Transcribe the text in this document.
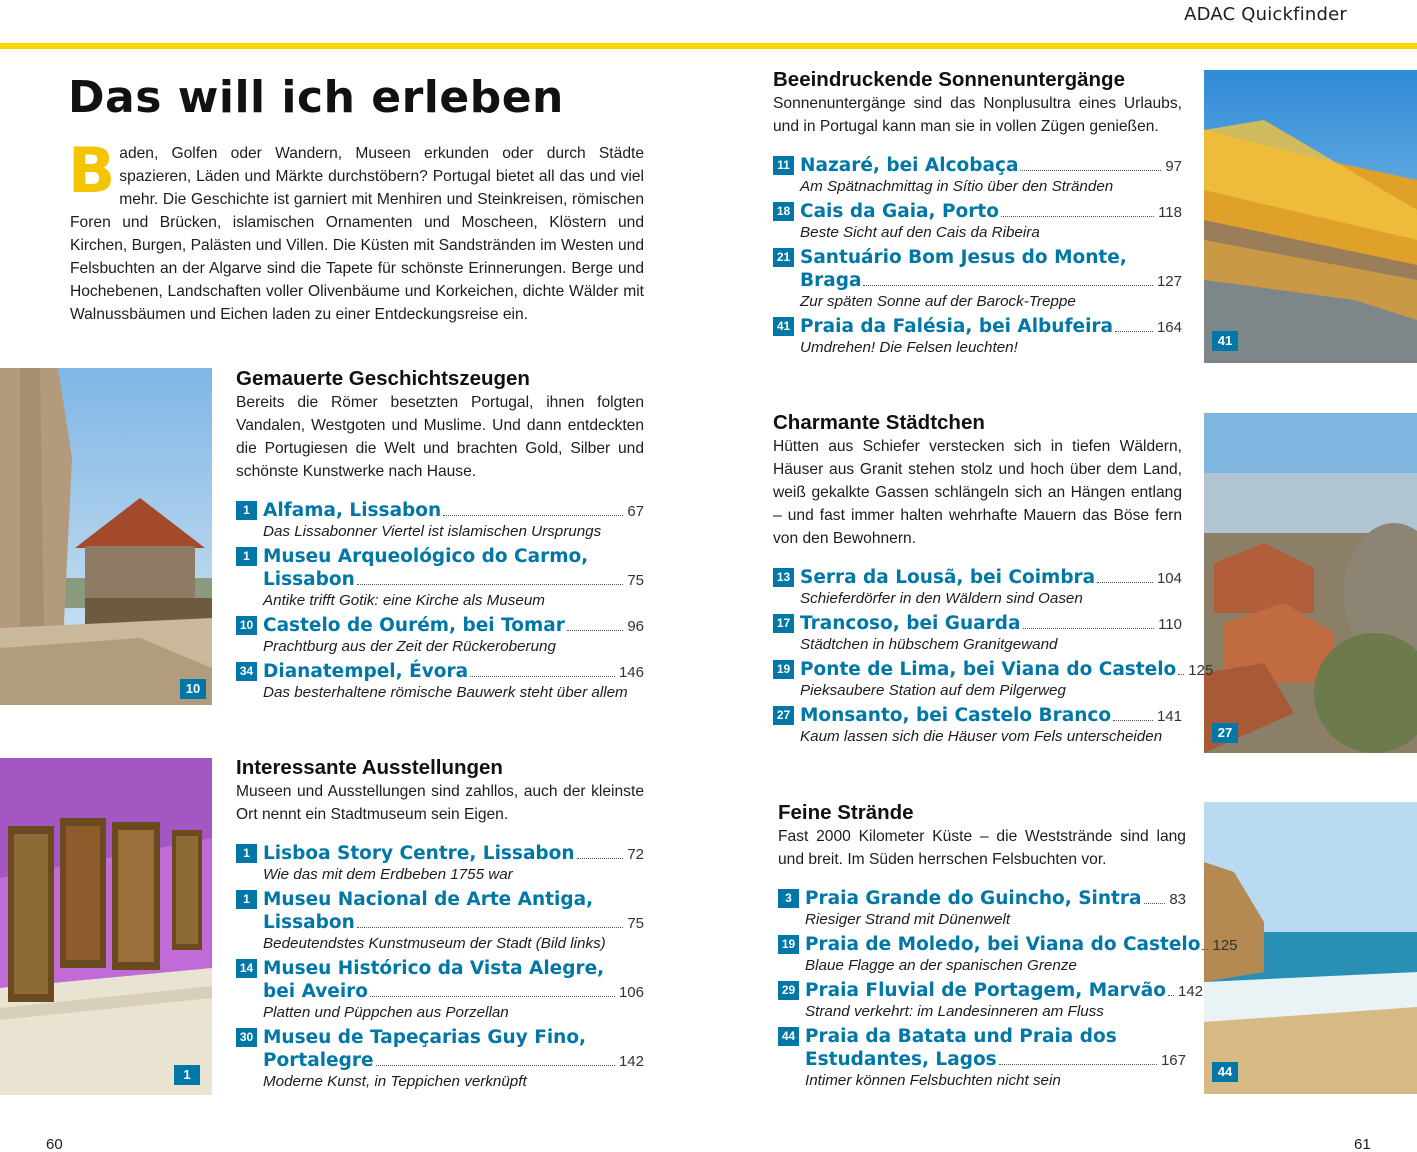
ADAC Quickfinder
Das will ich erleben
Baden, Golfen oder Wandern, Museen erkunden oder durch Städte spazieren, Läden und Märkte durchstöbern? Portugal bietet all das und viel mehr. Die Geschichte ist garniert mit Menhiren und Steinkreisen, römischen Foren und Brücken, islamischen Ornamenten und Moscheen, Klöstern und Kirchen, Burgen, Palästen und Villen. Die Küsten mit Sandstränden im Westen und Felsbuchten an der Algarve sind die Tapete für schönste Erinnerungen. Berge und Hochebenen, Landschaften voller Olivenbäume und Korkeichen, dichte Wälder mit Walnussbäumen und Eichen laden zu einer Entdeckungsreise ein.
10
1
41
27
44
Gemauerte Geschichtszeugen
Bereits die Römer besetzten Portugal, ihnen folgten Vandalen, Westgoten und Muslime. Und dann entdeckten die Portugiesen die Welt und brachten Gold, Silber und schönste Kunstwerke nach Hause.
1 Alfama, Lissabon	67
Das Lissabonner Viertel ist islamischen Ursprungs
1 Museu Arqueológico do Carmo,
Lissabon	75
Antike trifft Gotik: eine Kirche als Museum
10 Castelo de Ourém, bei Tomar	96
Prachtburg aus der Zeit der Rückeroberung
34 Dianatempel, Évora	146
Das besterhaltene römische Bauwerk steht über allem
Interessante Ausstellungen
Museen und Ausstellungen sind zahllos, auch der kleinste Ort nennt ein Stadtmuseum sein Eigen.
1 Lisboa Story Centre, Lissabon	72
Wie das mit dem Erdbeben 1755 war
1 Museu Nacional de Arte Antiga,
Lissabon	75
Bedeutendstes Kunstmuseum der Stadt (Bild links)
14 Museu Histórico da Vista Alegre,
bei Aveiro	106
Platten und Püppchen aus Porzellan
30 Museu de Tapeçarias Guy Fino,
Portalegre	142
Moderne Kunst, in Teppichen verknüpft
Beeindruckende Sonnenuntergänge
Sonnenuntergänge sind das Nonplusultra eines Urlaubs, und in Portugal kann man sie in vollen Zügen genießen.
11 Nazaré, bei Alcobaça	97
Am Spätnachmittag in Sítio über den Stränden
18 Cais da Gaia, Porto	118
Beste Sicht auf den Cais da Ribeira
21 Santuário Bom Jesus do Monte,
Braga	127
Zur späten Sonne auf der Barock-Treppe
41 Praia da Falésia, bei Albufeira	164
Umdrehen! Die Felsen leuchten!
Charmante Städtchen
Hütten aus Schiefer verstecken sich in tiefen Wäldern, Häuser aus Granit stehen stolz und hoch über dem Land, weiß gekalkte Gassen schlängeln sich an Hängen entlang – und fast immer halten wehrhafte Mauern das Böse fern von den Bewohnern.
13 Serra da Lousã, bei Coimbra	104
Schieferdörfer in den Wäldern sind Oasen
17 Trancoso, bei Guarda	110
Städtchen in hübschem Granitgewand
19 Ponte de Lima, bei Viana do Castelo 125
Pieksaubere Station auf dem Pilgerweg
27 Monsanto, bei Castelo Branco	141
Kaum lassen sich die Häuser vom Fels unterscheiden
Feine Strände
Fast 2000 Kilometer Küste – die Weststrände sind lang und breit. Im Süden herrschen Felsbuchten vor.
3 Praia Grande do Guincho, Sintra 83
Riesiger Strand mit Dünenwelt
19 Praia de Moledo, bei Viana do Castelo 125
Blaue Flagge an der spanischen Grenze
29 Praia Fluvial de Portagem, Marvão 142
Strand verkehrt: im Landesinneren am Fluss
44 Praia da Batata und Praia dos
Estudantes, Lagos	167
Intimer können Felsbuchten nicht sein
60	61
